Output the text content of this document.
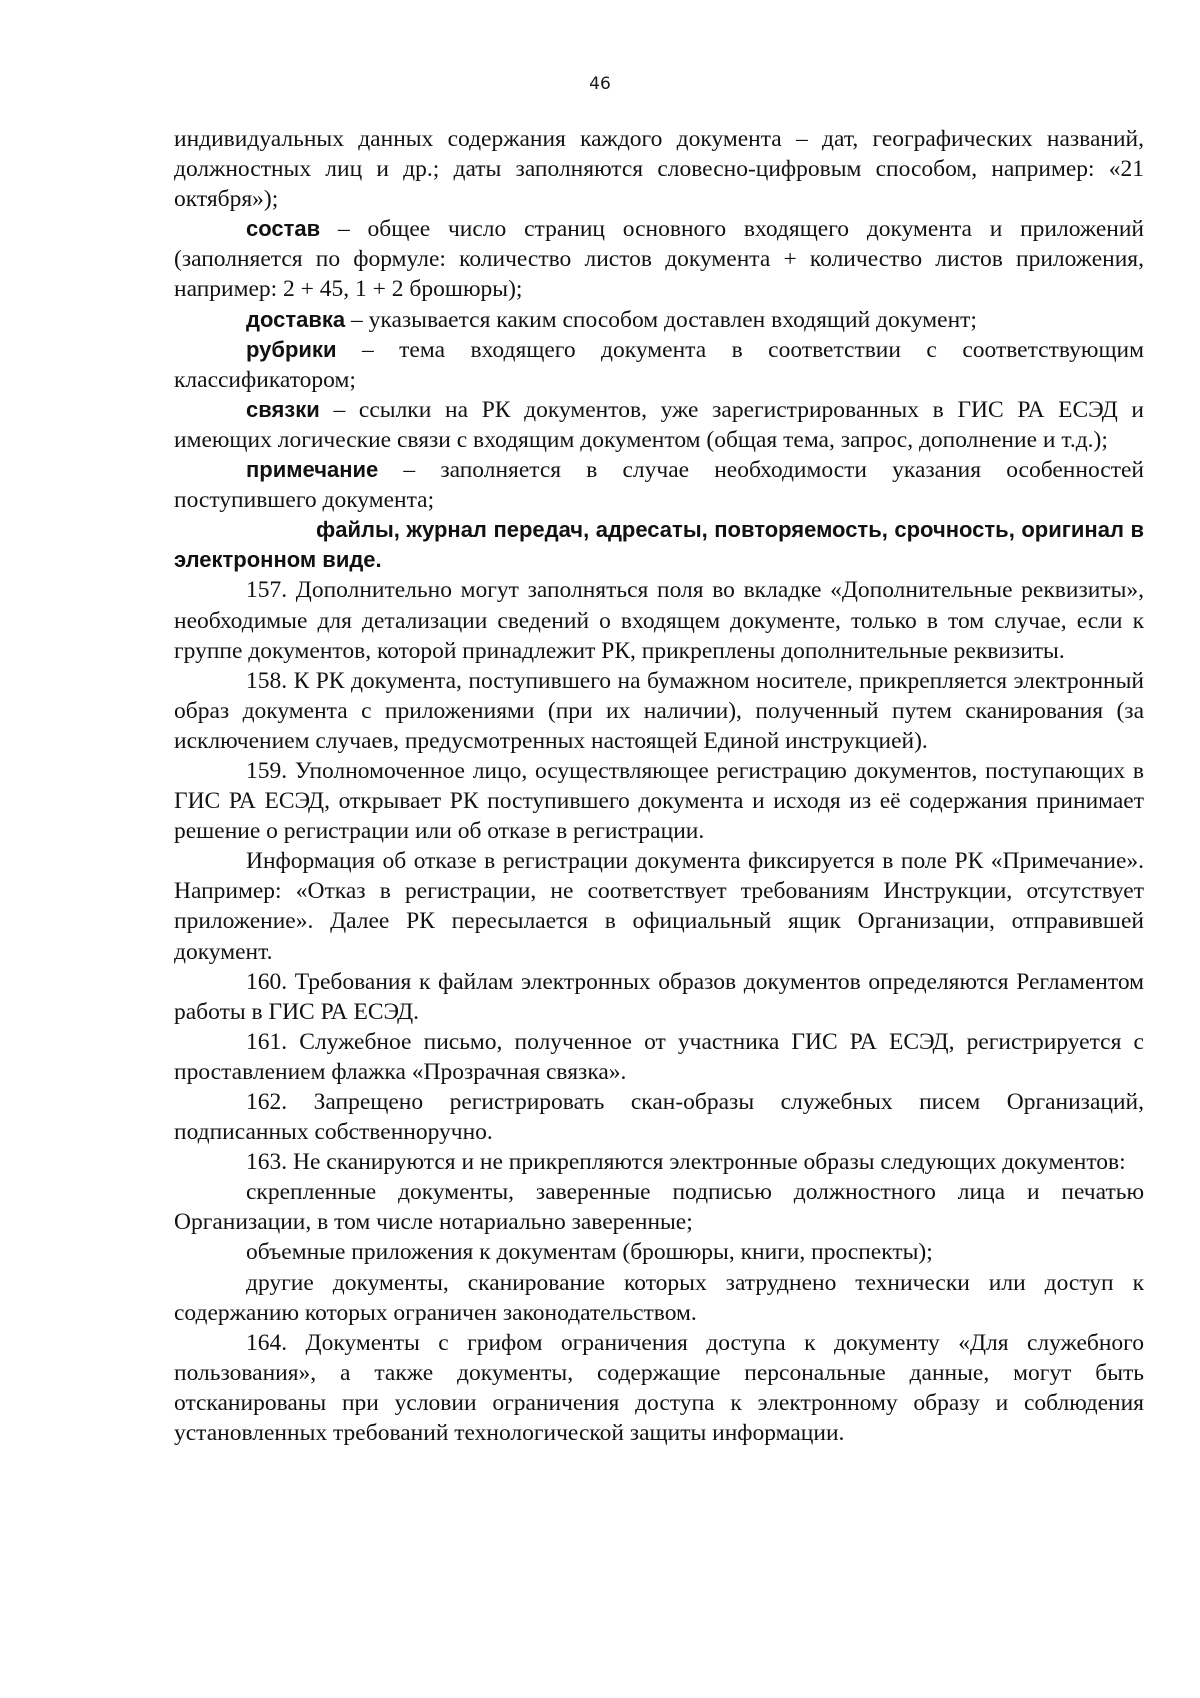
46

индивидуальных данных содержания каждого документа – дат, географических названий, должностных лиц и др.; даты заполняются словесно-цифровым способом, например: «21 октября»);

состав – общее число страниц основного входящего документа и приложений (заполняется по формуле: количество листов документа + количество листов приложения, например: 2 + 45, 1 + 2 брошюры);

доставка – указывается каким способом доставлен входящий документ;

рубрики – тема входящего документа в соответствии с соответствующим классификатором;

связки – ссылки на РК документов, уже зарегистрированных в ГИС РА ЕСЭД и имеющих логические связи с входящим документом (общая тема, запрос, дополнение и т.д.);

примечание – заполняется в случае необходимости указания особенностей поступившего документа;

файлы, журнал передач, адресаты, повторяемость, срочность, оригинал в электронном виде.

157. Дополнительно могут заполняться поля во вкладке «Дополнительные реквизиты», необходимые для детализации сведений о входящем документе, только в том случае, если к группе документов, которой принадлежит РК, прикреплены дополнительные реквизиты.

158. К РК документа, поступившего на бумажном носителе, прикрепляется электронный образ документа с приложениями (при их наличии), полученный путем сканирования (за исключением случаев, предусмотренных настоящей Единой инструкцией).

159. Уполномоченное лицо, осуществляющее регистрацию документов, поступающих в ГИС РА ЕСЭД, открывает РК поступившего документа и исходя из её содержания принимает решение о регистрации или об отказе в регистрации.

Информация об отказе в регистрации документа фиксируется в поле РК «Примечание». Например: «Отказ в регистрации, не соответствует требованиям Инструкции, отсутствует приложение». Далее РК пересылается в официальный ящик Организации, отправившей документ.

160. Требования к файлам электронных образов документов определяются Регламентом работы в ГИС РА ЕСЭД.

161. Служебное письмо, полученное от участника ГИС РА ЕСЭД, регистрируется с проставлением флажка «Прозрачная связка».

162. Запрещено регистрировать скан-образы служебных писем Организаций, подписанных собственноручно.

163. Не сканируются и не прикрепляются электронные образы следующих документов:

скрепленные документы, заверенные подписью должностного лица и печатью Организации, в том числе нотариально заверенные;

объемные приложения к документам (брошюры, книги, проспекты);

другие документы, сканирование которых затруднено технически или доступ к содержанию которых ограничен законодательством.

164. Документы с грифом ограничения доступа к документу «Для служебного пользования», а также документы, содержащие персональные данные, могут быть отсканированы при условии ограничения доступа к электронному образу и соблюдения установленных требований технологической защиты информации.
